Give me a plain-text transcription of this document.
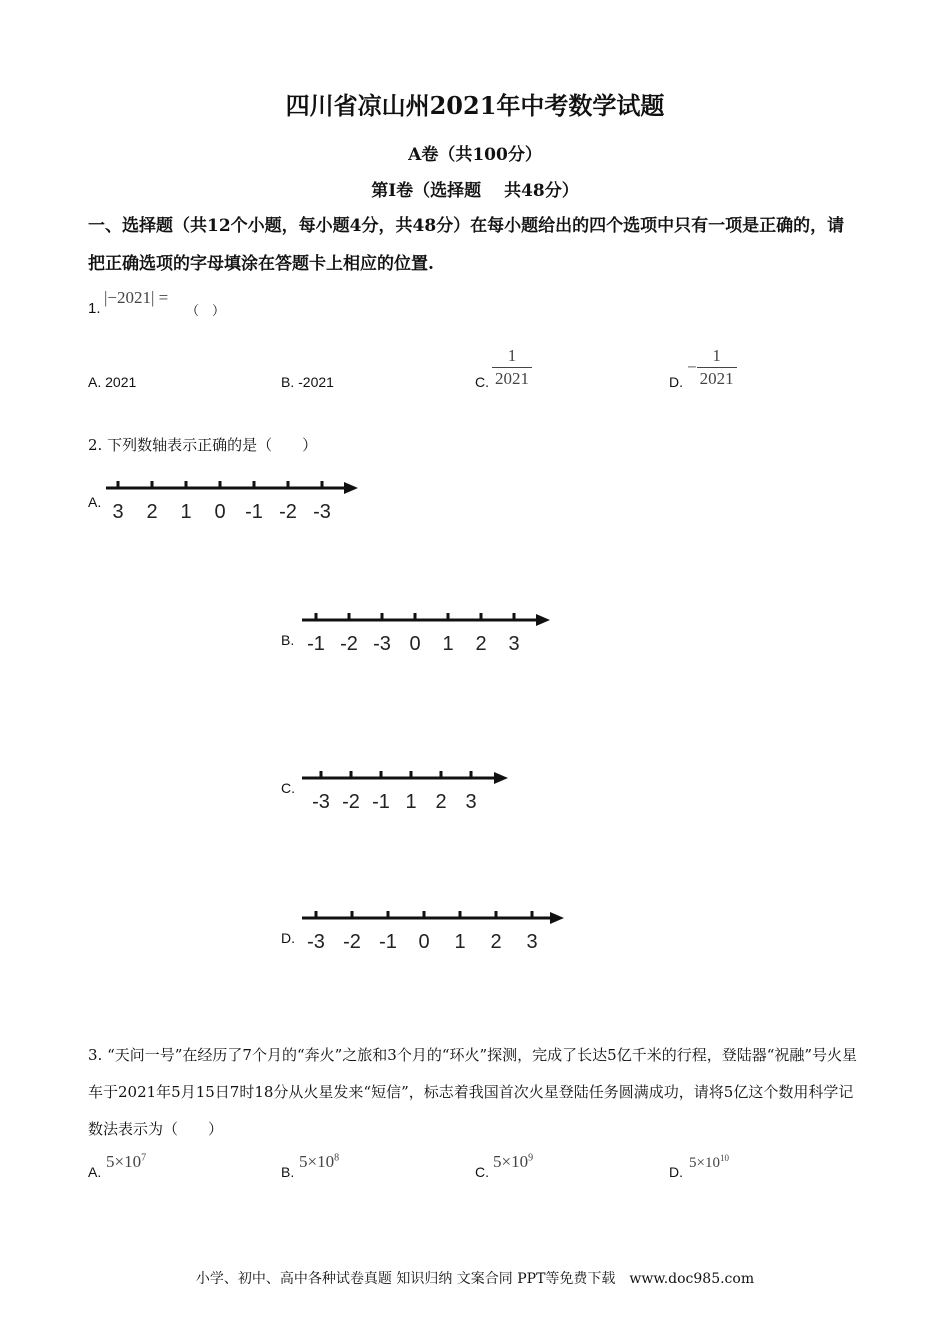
四川省凉山州2021年中考数学试题
A卷（共100分）
第Ⅰ卷（选择题　 共48分）
一、选择题（共12个小题，每小题4分，共48分）在每小题给出的四个选项中只有一项是正确的，请把正确选项的字母填涂在答题卡上相应的位置.
1.
|−2021| =
（　）
A. 2021	B. -2021	C. $\frac{1}{2021}$	D.
− $\frac{1}{2021}$
2. 下列数轴表示正确的是（　　）
A. 3 2 1 0 -1 -2 -3
B. -1 -2 -3 0 1 2 3
C.
-3 -2 -1 1 2 3
D. -3 -2 -1 0 1 2 3
3. “天问一号”在经历了7个月的“奔火”之旅和3个月的“环火”探测，完成了长达5亿千米的行程，登陆器“祝融”号火星车于2021年5月15日7时18分从火星发来“短信”，标志着我国首次火星登陆任务圆满成功，请将5亿这个数用科学记数法表示为（　　）
A.
$5\times 10^7$
B.
$5\times 10^8$
C.
$5\times 10^9$
D.
$5\times 10^{10}$
小学、初中、高中各种试卷真题 知识归纳 文案合同 PPT等免费下载　www.doc985.com
